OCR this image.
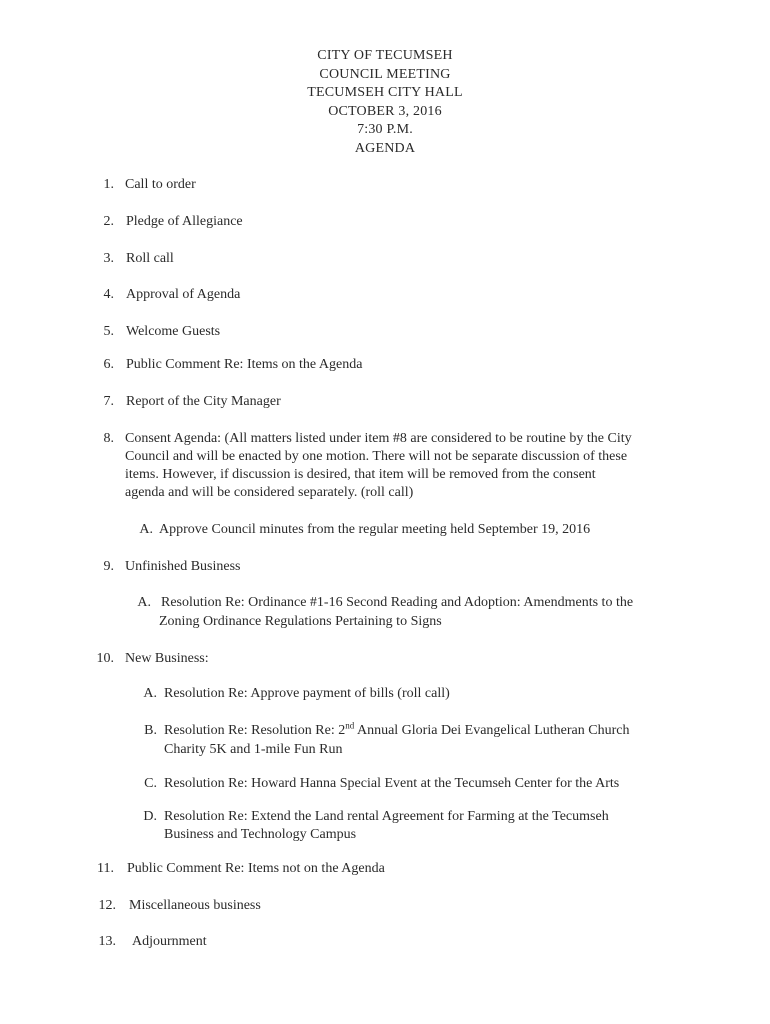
CITY OF TECUMSEH
COUNCIL MEETING
TECUMSEH CITY HALL
OCTOBER 3, 2016
7:30 P.M.
AGENDA
1. Call to order
2. Pledge of Allegiance
3. Roll call
4. Approval of Agenda
5. Welcome Guests
6. Public Comment Re: Items on the Agenda
7. Report of the City Manager
8. Consent Agenda: (All matters listed under item #8 are considered to be routine by the City
Council and will be enacted by one motion. There will not be separate discussion of these
items. However, if discussion is desired, that item will be removed from the consent
agenda and will be considered separately. (roll call)
A. Approve Council minutes from the regular meeting held September 19, 2016
9. Unfinished Business
A. Resolution Re: Ordinance #1-16 Second Reading and Adoption: Amendments to the
Zoning Ordinance Regulations Pertaining to Signs
10. New Business:
A. Resolution Re: Approve payment of bills (roll call)
B. Resolution Re: Resolution Re: 2nd Annual Gloria Dei Evangelical Lutheran Church
Charity 5K and 1-mile Fun Run
C. Resolution Re: Howard Hanna Special Event at the Tecumseh Center for the Arts
D. Resolution Re: Extend the Land rental Agreement for Farming at the Tecumseh
Business and Technology Campus
11. Public Comment Re: Items not on the Agenda
12. Miscellaneous business
13. Adjournment
